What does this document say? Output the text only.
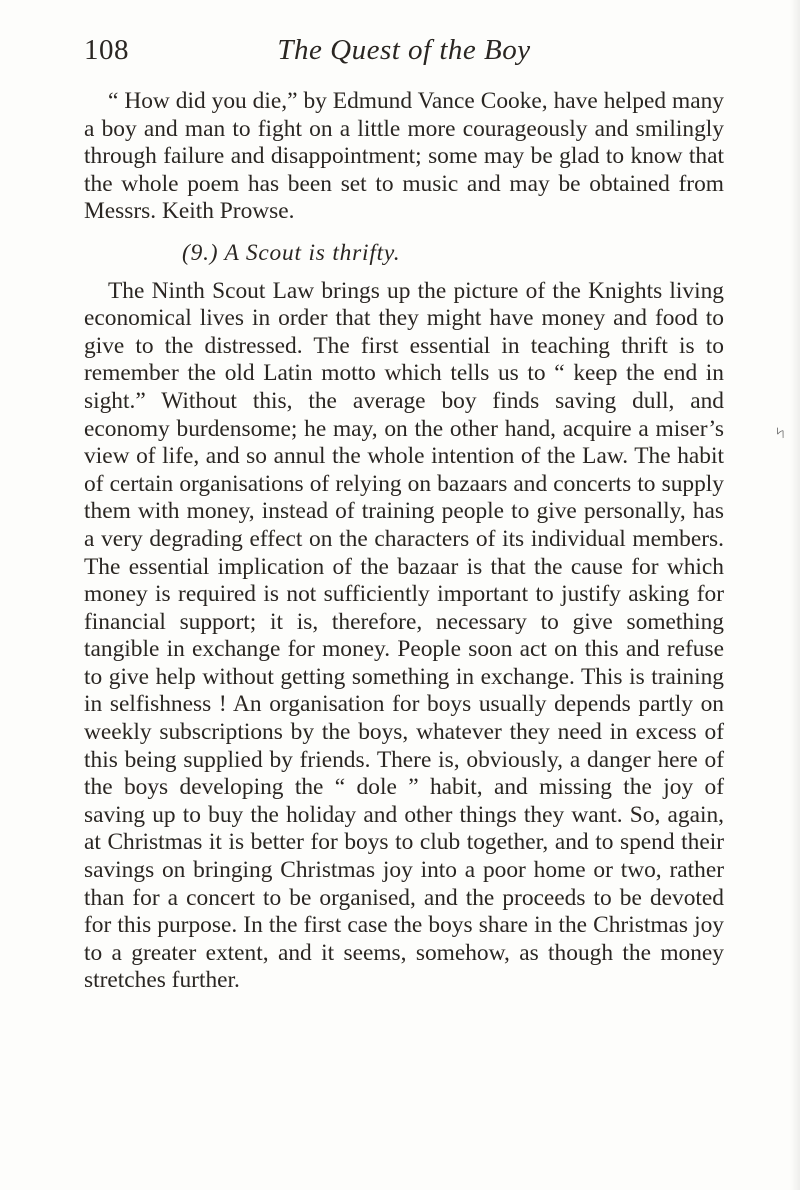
108	The Quest of the Boy

“ How did you die,” by Edmund Vance Cooke, have helped many a boy and man to fight on a little more courageously and smilingly through failure and disappointment; some may be glad to know that the whole poem has been set to music and may be obtained from Messrs. Keith Prowse.

(9.) A Scout is thrifty.

The Ninth Scout Law brings up the picture of the Knights living economical lives in order that they might have money and food to give to the distressed. The first essential in teaching thrift is to remember the old Latin motto which tells us to “ keep the end in sight.” Without this, the average boy finds saving dull, and economy burdensome; he may, on the other hand, acquire a miser’s view of life, and so annul the whole intention of the Law. The habit of certain organisations of relying on bazaars and concerts to supply them with money, instead of training people to give personally, has a very degrading effect on the characters of its individual members. The essential implication of the bazaar is that the cause for which money is required is not sufficiently important to justify asking for financial support; it is, therefore, necessary to give something tangible in exchange for money. People soon act on this and refuse to give help without getting something in exchange. This is training in selfishness ! An organisation for boys usually depends partly on weekly subscriptions by the boys, whatever they need in excess of this being supplied by friends. There is, obviously, a danger here of the boys developing the “ dole ” habit, and missing the joy of saving up to buy the holiday and other things they want. So, again, at Christmas it is better for boys to club together, and to spend their savings on bringing Christmas joy into a poor home or two, rather than for a concert to be organised, and the proceeds to be devoted for this purpose. In the first case the boys share in the Christmas joy to a greater extent, and it seems, somehow, as though the money stretches further.

৸
